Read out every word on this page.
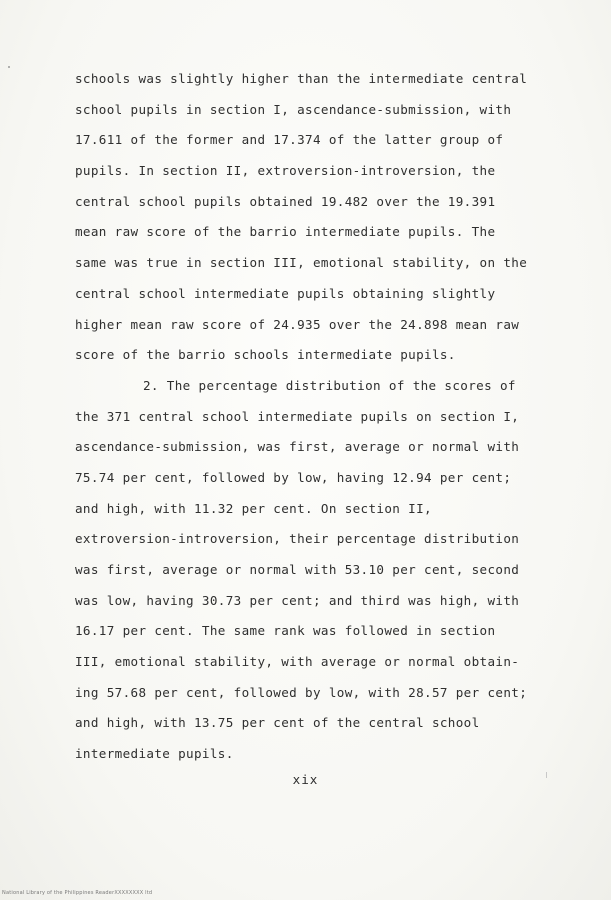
schools was slightly higher than the intermediate central
school pupils in section I, ascendance-submission, with
17.611 of the former and 17.374 of the latter group of
pupils. In section II, extroversion-introversion, the
central school pupils obtained 19.482 over the 19.391
mean raw score of the barrio intermediate pupils. The
same was true in section III, emotional stability, on the
central school intermediate pupils obtaining slightly
higher mean raw score of 24.935 over the 24.898 mean raw
score of the barrio schools intermediate pupils.
2. The percentage distribution of the scores of
the 371 central school intermediate pupils on section I,
ascendance-submission, was first, average or normal with
75.74 per cent, followed by low, having 12.94 per cent;
and high, with 11.32 per cent. On section II,
extroversion-introversion, their percentage distribution
was first, average or normal with 53.10 per cent, second
was low, having 30.73 per cent; and third was high, with
16.17 per cent. The same rank was followed in section
III, emotional stability, with average or normal obtain-
ing 57.68 per cent, followed by low, with 28.57 per cent;
and high, with 13.75 per cent of the central school
intermediate pupils.
xix
National Library of the Philippines ReaderXXXXXXXX ltd
